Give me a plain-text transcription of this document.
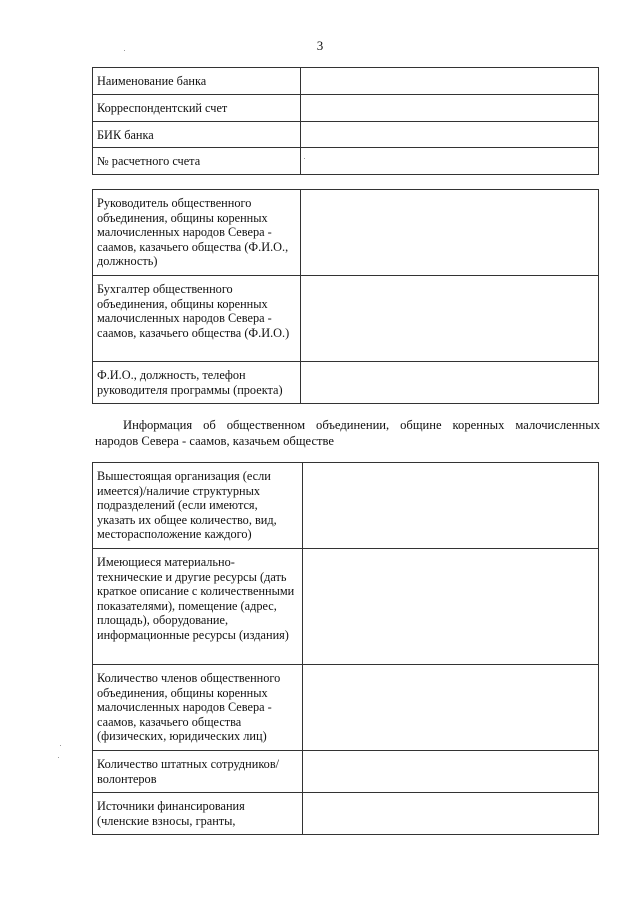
3
Наименование банка	
Корреспондентский счет	
БИК банка	
№ расчетного счета	
Руководитель общественного объединения, общины коренных малочисленных народов Севера - саамов, казачьего общества (Ф.И.О., должность)	
Бухгалтер общественного объединения, общины коренных малочисленных народов Севера - саамов, казачьего общества (Ф.И.О.)	
Ф.И.О., должность, телефон руководителя программы (проекта)	
Информация об общественном объединении, общине коренных малочисленных
народов Севера - саамов, казачьем обществе
Вышестоящая организация (если имеется)/наличие структурных подразделений (если имеются, указать их общее количество, вид, месторасположение каждого)	
Имеющиеся материально-технические и другие ресурсы (дать краткое описание с количественными показателями), помещение (адрес, площадь), оборудование, информационные ресурсы (издания)	
Количество членов общественного объединения, общины коренных малочисленных народов Севера - саамов, казачьего общества (физических, юридических лиц)	
Количество штатных сотрудников/ волонтеров	
Источники финансирования (членские взносы, гранты,	
